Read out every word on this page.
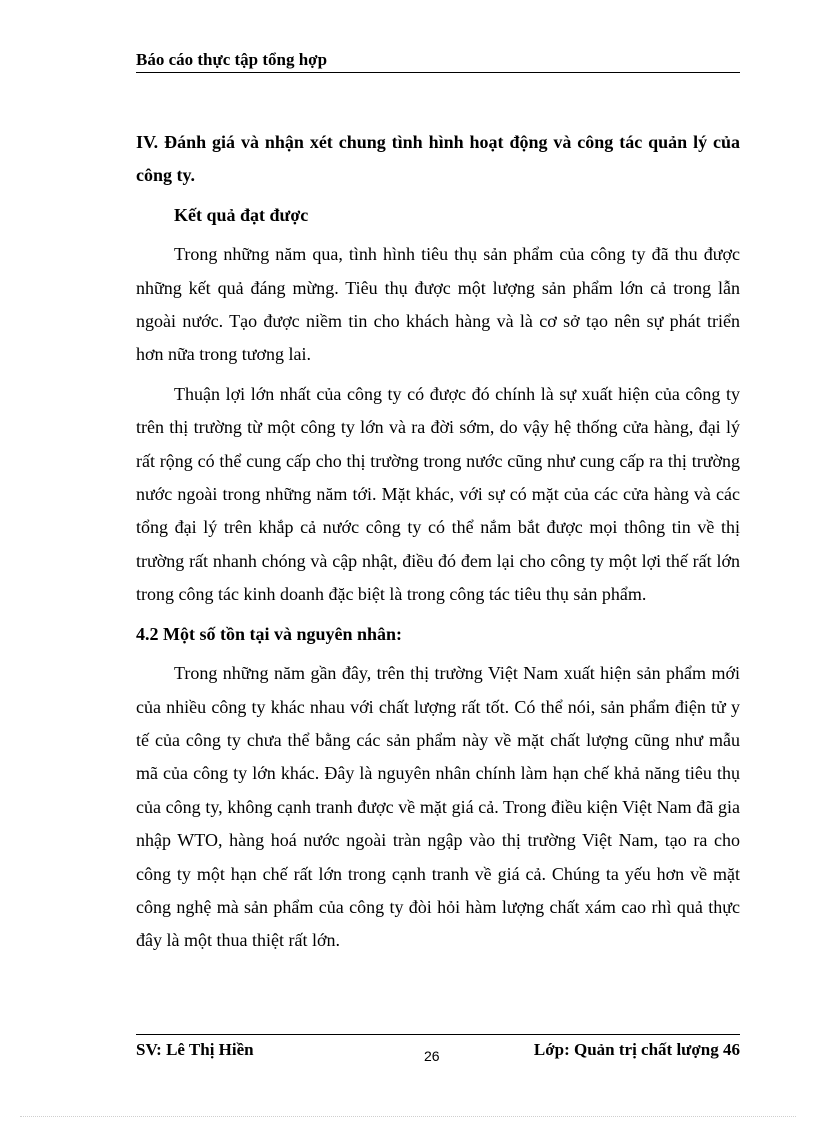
Báo cáo thực tập tổng hợp

IV. Đánh giá và nhận xét chung tình hình hoạt động và công tác quản lý của công ty.

Kết quả đạt được

Trong những năm qua, tình hình tiêu thụ sản phẩm của công ty đã thu được những kết quả đáng mừng. Tiêu thụ được một lượng sản phẩm lớn cả trong lẫn ngoài nước. Tạo được niềm tin cho khách hàng và là cơ sở tạo nên sự phát triển hơn nữa trong tương lai.

Thuận lợi lớn nhất của công ty có được đó chính là sự xuất hiện của công ty trên thị trường từ một công ty lớn và ra đời sớm, do vậy hệ thống cửa hàng, đại lý rất rộng có thể cung cấp cho thị trường trong nước cũng như cung cấp ra thị trường nước ngoài trong những năm tới. Mặt khác, với sự có mặt của các cửa hàng và các tổng đại lý trên khắp cả nước công ty có thể nắm bắt được mọi thông tin về thị trường rất nhanh chóng và cập nhật, điều đó đem lại cho công ty một lợi thế rất lớn trong công tác kinh doanh đặc biệt là trong công tác tiêu thụ sản phẩm.

4.2 Một số tồn tại và nguyên nhân:

Trong những năm gần đây, trên thị trường Việt Nam xuất hiện sản phẩm mới của nhiều công ty khác nhau với chất lượng rất tốt. Có thể nói, sản phẩm điện tử y tế của công ty chưa thể bằng các sản phẩm này về mặt chất lượng cũng như mẫu mã của công ty lớn khác. Đây là nguyên nhân chính làm hạn chế khả năng tiêu thụ của công ty, không cạnh tranh được về mặt giá cả. Trong điều kiện Việt Nam đã gia nhập WTO, hàng hoá nước ngoài tràn ngập vào thị trường Việt Nam, tạo ra cho công ty một hạn chế rất lớn trong cạnh tranh về giá cả. Chúng ta yếu hơn về mặt công nghệ mà sản phẩm của công ty đòi hỏi hàm lượng chất xám cao rhì quả thực đây là một thua thiệt rất lớn.

SV: Lê Thị Hiền	26	Lớp: Quản trị chất lượng 46
